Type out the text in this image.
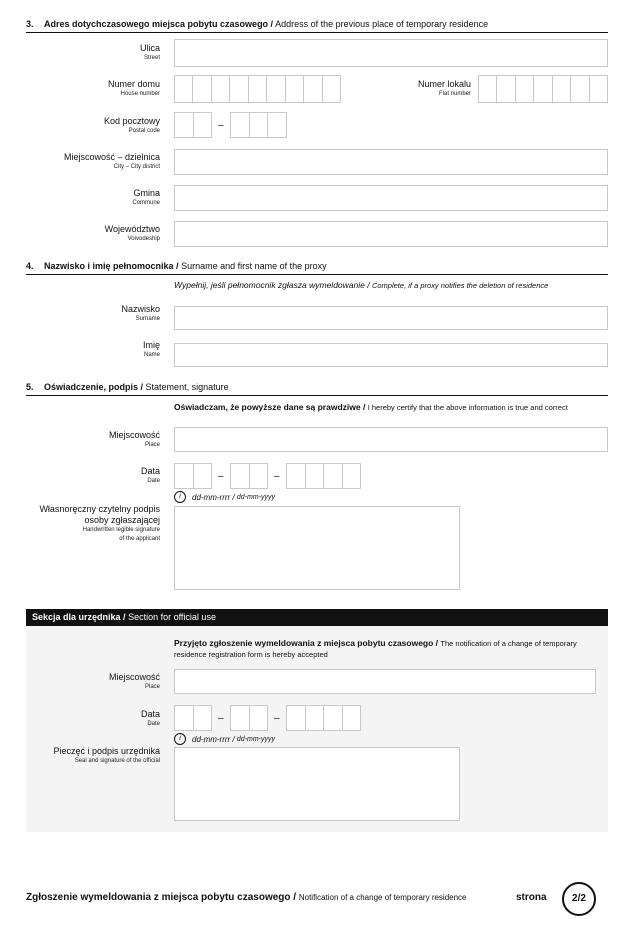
3. Adres dotychczasowego miejsca pobytu czasowego / Address of the previous place of temporary residence
Ulica
Street
Numer domu
House number
Numer lokalu
Flat number
Kod pocztowy
Postal code	–
Miejscowość – dzielnica
City – City district
Gmina
Commune
Województwo
Voivodeship
4. Nazwisko i imię pełnomocnika / Surname and first name of the proxy
Wypełnij, jeśli pełnomocnik zgłasza wymeldowanie / Complete, if a proxy notifies the deletion of residence
Nazwisko
Surname
Imię
Name
5. Oświadczenie, podpis / Statement, signature
Oświadczam, że powyższe dane są prawdziwe / I hereby certify that the above information is true and correct
Miejscowość
Place
Data
Date	–	–
i	dd-mm-rrrr /
dd-mm-yyyy
Własnoręczny czytelny podpis
osoby zgłaszającej
Handwritten legible signature
of the applicant
Sekcja dla urzędnika / Section for official use
Przyjęto zgłoszenie wymeldowania z miejsca pobytu czasowego / The notification of a change of temporary residence registration form is hereby accepted
Miejscowość
Place
Data
Date	–	–
i	dd-mm-rrrr /
dd-mm-yyyy
Pieczęć i podpis urzędnika
Seal and signature of the official
Zgłoszenie wymeldowania z miejsca pobytu czasowego / Notification of a change of temporary residence	strona	2/2
